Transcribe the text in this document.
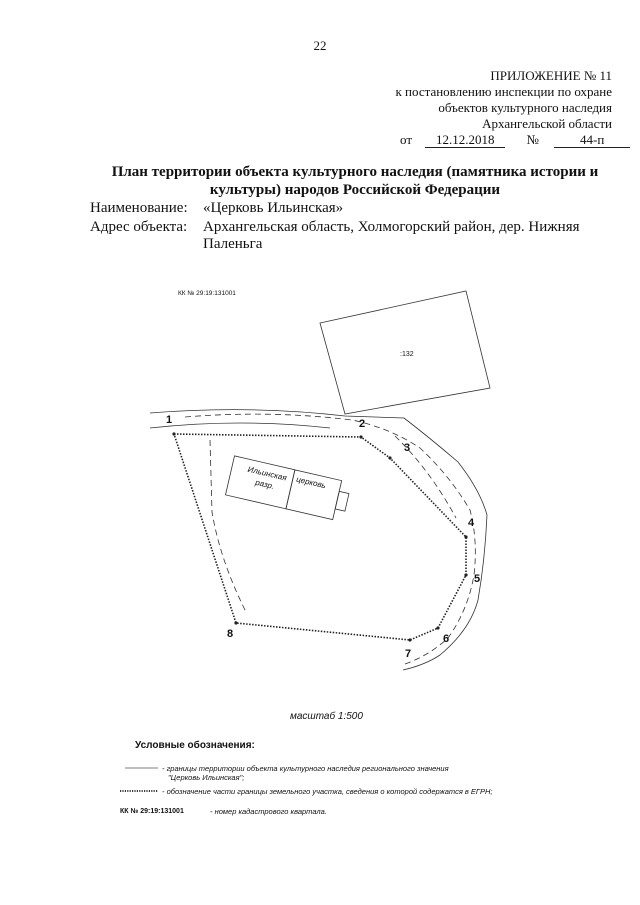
22
ПРИЛОЖЕНИЕ № 11
к постановлению инспекции по охране
объектов культурного наследия
Архангельской области
от 12.12.2018 №	44-п
План территории объекта культурного наследия (памятника истории и культуры) народов Российской Федерации
Наименование: «Церковь Ильинская»
Адрес объекта: Архангельская область, Холмогорский район, дер. Нижняя Паленьга
КК № 29:19:131001
:132
Ильинская разр.	церковь
1	2
3
4
5
6
7
8
масштаб 1:500
Условные обозначения:
- границы территории объекта культурного наследия регионального значения
"Церковь Ильинская";
- обозначение части границы земельного участка, сведения о которой содержатся в ЕГРН;
КК № 29:19:131001	- номер кадастрового квартала.
